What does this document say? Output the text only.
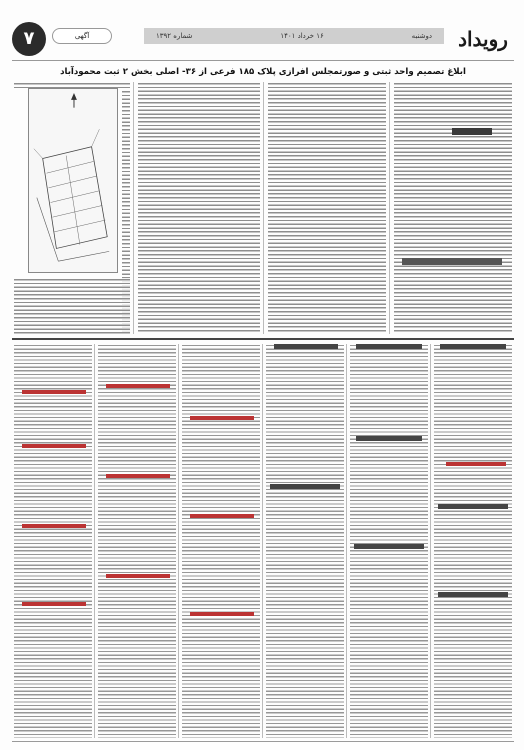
رویداد
دوشنبه
۱۶ خرداد ۱۴۰۱
شماره ۱۳۹۲
آگهی
۷
ابلاغ تصمیم واحد ثبتی و صورتمجلس افرازی پلاک ۱۸۵ فرعی از ۳۶- اصلی بخش ۲ ثبت محمودآباد
